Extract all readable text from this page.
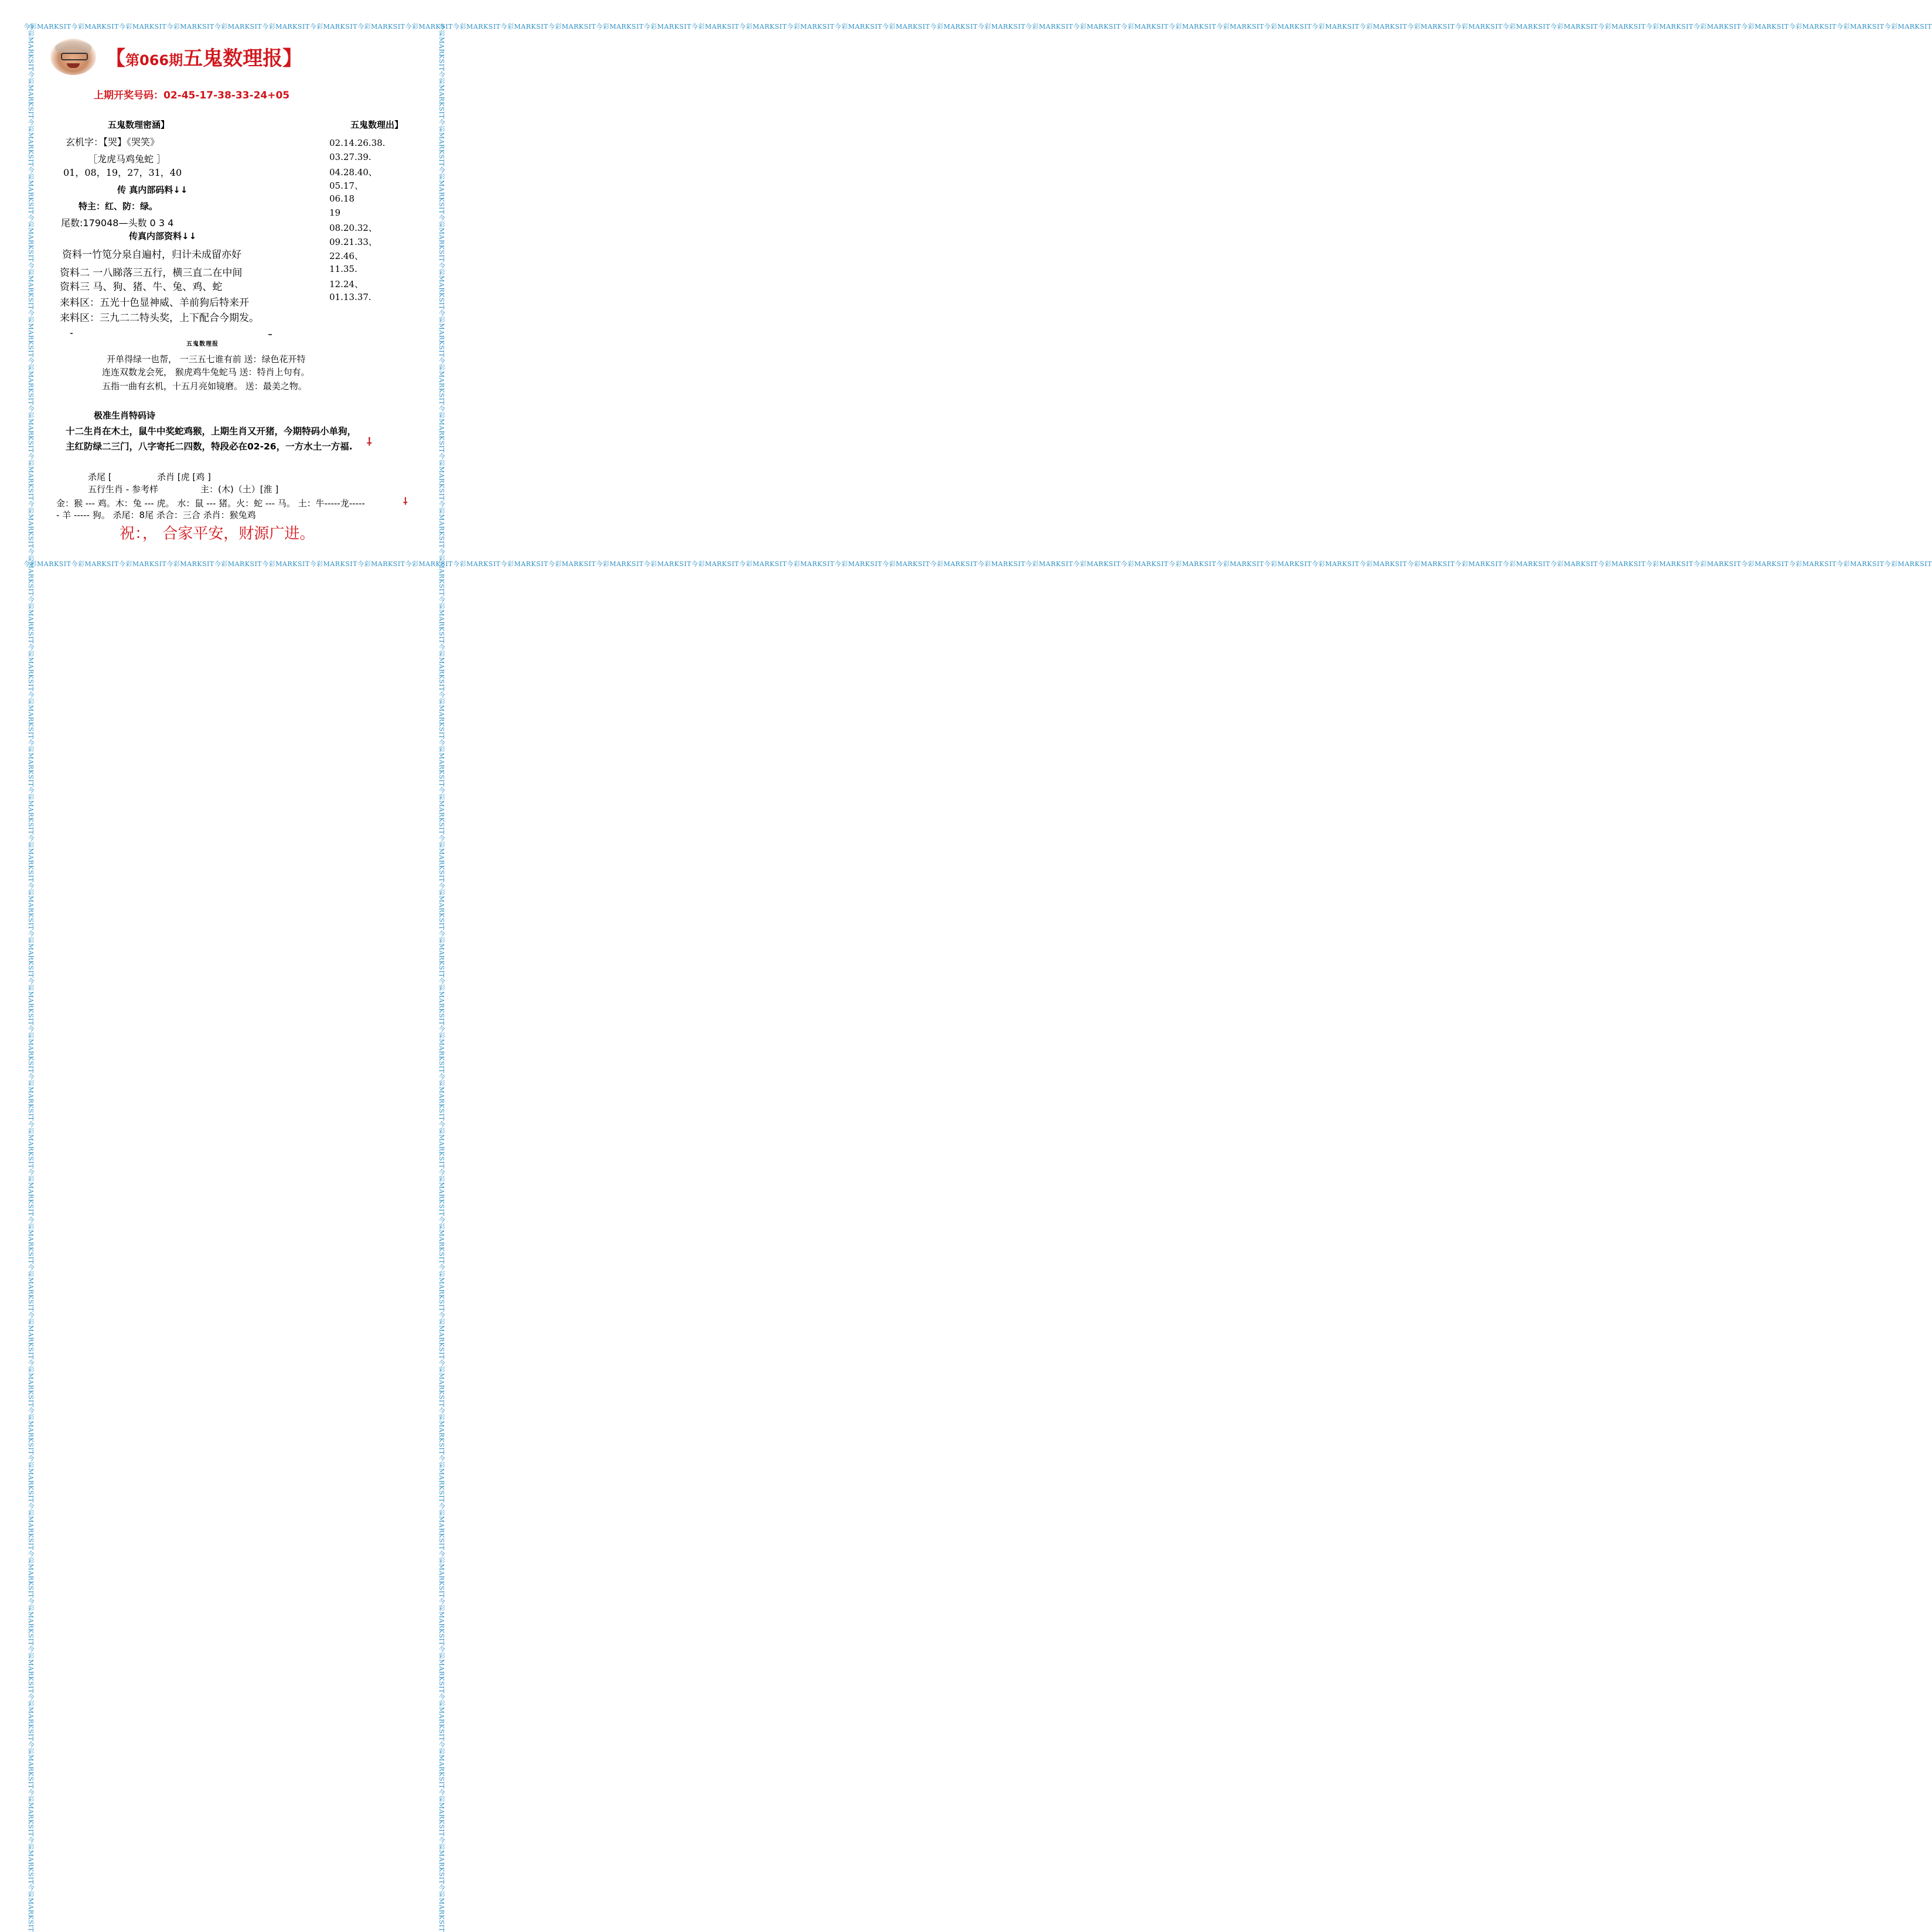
今彩MARKSIT今彩MARKSIT今彩MARKSIT今彩MARKSIT今彩MARKSIT今彩MARKSIT今彩MARKSIT今彩MARKSIT今彩MARKSIT今彩MARKSIT今彩MARKSIT今彩MARKSIT今彩MARKSIT今彩MARKSIT今彩MARKSIT今彩MARKSIT今彩MARKSIT今彩MARKSIT今彩MARKSIT今彩MARKSIT今彩MARKSIT今彩MARKSIT今彩MARKSIT今彩MARKSIT今彩MARKSIT今彩MARKSIT今彩MARKSIT今彩MARKSIT今彩MARKSIT今彩MARKSIT今彩MARKSIT今彩MARKSIT今彩MARKSIT今彩MARKSIT今彩MARKSIT今彩MARKSIT今彩MARKSIT今彩MARKSIT今彩MARKSIT今彩MARKSIT
今彩MARKSIT今彩MARKSIT今彩MARKSIT今彩MARKSIT今彩MARKSIT今彩MARKSIT今彩MARKSIT今彩MARKSIT今彩MARKSIT今彩MARKSIT今彩MARKSIT今彩MARKSIT今彩MARKSIT今彩MARKSIT今彩MARKSIT今彩MARKSIT今彩MARKSIT今彩MARKSIT今彩MARKSIT今彩MARKSIT今彩MARKSIT今彩MARKSIT今彩MARKSIT今彩MARKSIT今彩MARKSIT今彩MARKSIT今彩MARKSIT今彩MARKSIT今彩MARKSIT今彩MARKSIT今彩MARKSIT今彩MARKSIT今彩MARKSIT今彩MARKSIT今彩MARKSIT今彩MARKSIT今彩MARKSIT今彩MARKSIT今彩MARKSIT今彩MARKSIT
今彩MARKSIT今彩MARKSIT今彩MARKSIT今彩MARKSIT今彩MARKSIT今彩MARKSIT今彩MARKSIT今彩MARKSIT今彩MARKSIT今彩MARKSIT今彩MARKSIT今彩MARKSIT今彩MARKSIT今彩MARKSIT今彩MARKSIT今彩MARKSIT今彩MARKSIT今彩MARKSIT今彩MARKSIT今彩MARKSIT今彩MARKSIT今彩MARKSIT今彩MARKSIT今彩MARKSIT今彩MARKSIT今彩MARKSIT今彩MARKSIT今彩MARKSIT今彩MARKSIT今彩MARKSIT今彩MARKSIT今彩MARKSIT今彩MARKSIT今彩MARKSIT今彩MARKSIT今彩MARKSIT今彩MARKSIT今彩MARKSIT今彩MARKSIT今彩MARKSIT	今彩MARKSIT今彩MARKSIT今彩MARKSIT今彩MARKSIT今彩MARKSIT今彩MARKSIT今彩MARKSIT今彩MARKSIT今彩MARKSIT今彩MARKSIT今彩MARKSIT今彩MARKSIT今彩MARKSIT今彩MARKSIT今彩MARKSIT今彩MARKSIT今彩MARKSIT今彩MARKSIT今彩MARKSIT今彩MARKSIT今彩MARKSIT今彩MARKSIT今彩MARKSIT今彩MARKSIT今彩MARKSIT今彩MARKSIT今彩MARKSIT今彩MARKSIT今彩MARKSIT今彩MARKSIT今彩MARKSIT今彩MARKSIT今彩MARKSIT今彩MARKSIT今彩MARKSIT今彩MARKSIT今彩MARKSIT今彩MARKSIT今彩MARKSIT今彩MARKSIT
【第066期五鬼数理报】
上期开奖号码：02-45-17-38-33-24+05
五鬼数理密涵】
玄机字：【哭】《哭笑》
［龙虎马鸡兔蛇 ］
01，08，19，27，31，40
传 真内部码料↓↓
特主：红、防：绿。
尾数:179048—头数 0 3 4
传真内部资料↓↓
资料一竹笕分泉自遍村，归计未成留亦好
资料二 一八睇落三五行，横三直二在中间
资料三 马、狗、猪、牛、兔、鸡、蛇
来料区：五光十色显神威、羊前狗后特来开
来料区：三九二二特头奖，上下配合今期发。
五鬼数理出】
02.14.26.38.
03.27.39.
04.28.40、
05.17、
06.18
19
08.20.32、
09.21.33、
22.46、
11.35.
12.24、
01.13.37.
五鬼数理报
开单得绿一也帮， 一三五七谁有前 送：绿色花开特
连连双数龙会死， 猴虎鸡牛兔蛇马 送：特肖上句有。
五指一曲有玄机，十五月亮如镜磨。 送：最美之物。
极准生肖特码诗
十二生肖在木土，鼠牛中奖蛇鸡猴，上期生肖又开猪，今期特码小单狗，
主红防绿二三门，八字寄托二四数，特段必在02-26，一方水土一方福. ⸸
杀尾 [	杀肖 [虎 [鸡 ]
五行生肖 - 参考样	主：(木)（土）[淮 ]
金：猴 --- 鸡。木：兔 --- 虎。 水：鼠 --- 猪。火：蛇 --- 马。 土：牛-----龙-----
- 羊 ----- 狗。 杀尾：8尾 杀合：三合 杀肖：猴兔鸡
⸸
祝：， 合家平安，财源广进。
